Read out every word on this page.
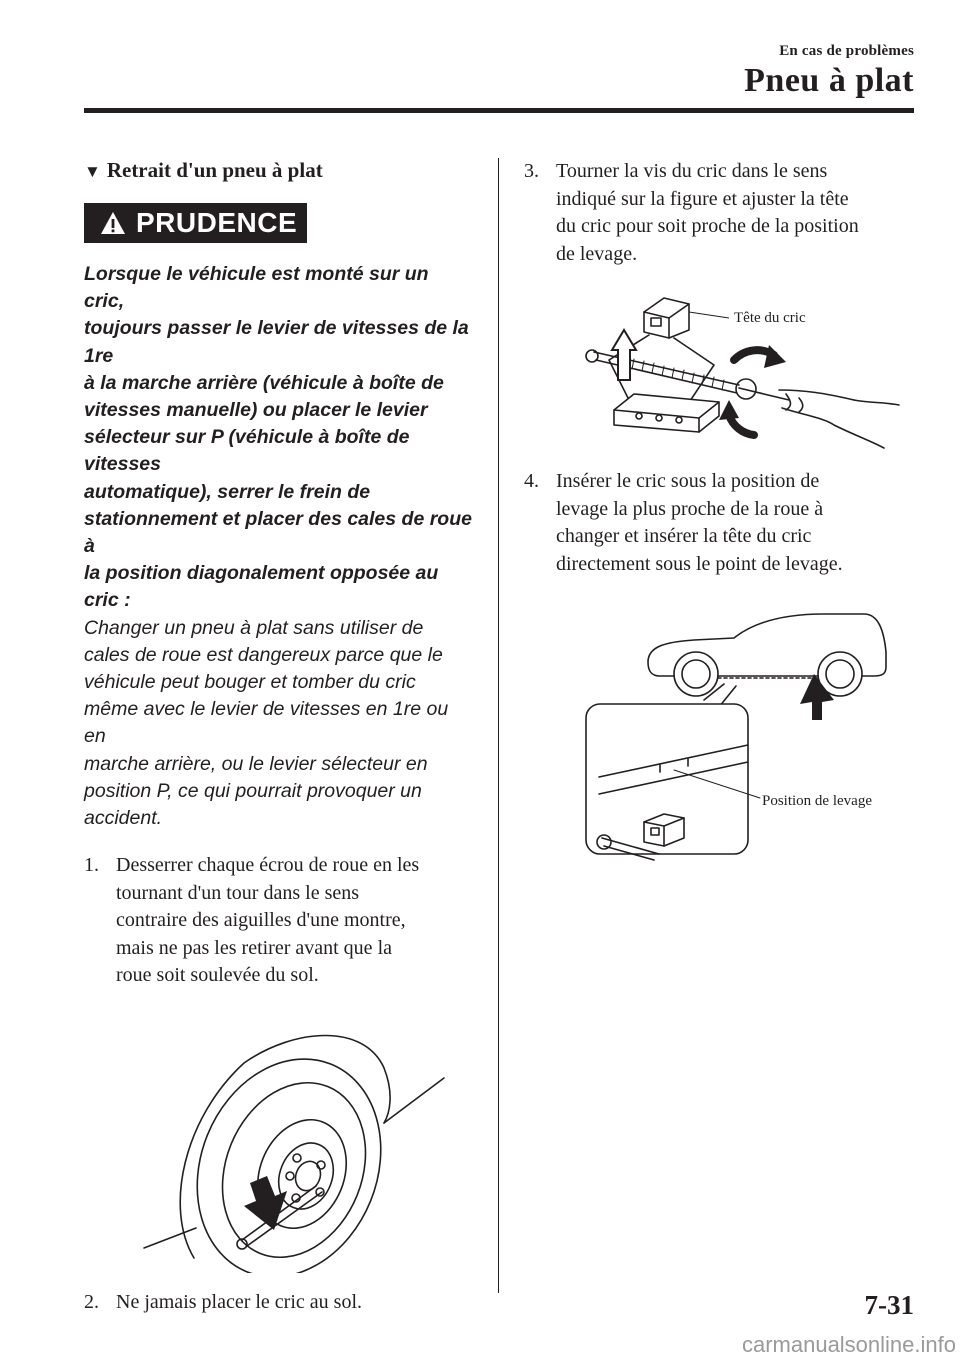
En cas de problèmes
Pneu à plat
▼ Retrait d'un pneu à plat
PRUDENCE
Lorsque le véhicule est monté sur un cric,
toujours passer le levier de vitesses de la 1re
à la marche arrière (véhicule à boîte de
vitesses manuelle) ou placer le levier
sélecteur sur P (véhicule à boîte de vitesses
automatique), serrer le frein de
stationnement et placer des cales de roue à
la position diagonalement opposée au
cric :
Changer un pneu à plat sans utiliser de
cales de roue est dangereux parce que le
véhicule peut bouger et tomber du cric
même avec le levier de vitesses en 1re ou en
marche arrière, ou le levier sélecteur en
position P, ce qui pourrait provoquer un
accident.
1. Desserrer chaque écrou de roue en les
tournant d'un tour dans le sens
contraire des aiguilles d'une montre,
mais ne pas les retirer avant que la
roue soit soulevée du sol.
2. Ne jamais placer le cric au sol.
3. Tourner la vis du cric dans le sens
indiqué sur la figure et ajuster la tête
du cric pour soit proche de la position
de levage.
Tête du cric
4. Insérer le cric sous la position de
levage la plus proche de la roue à
changer et insérer la tête du cric
directement sous le point de levage.
Position de levage
7-31
carmanualsonline.info
